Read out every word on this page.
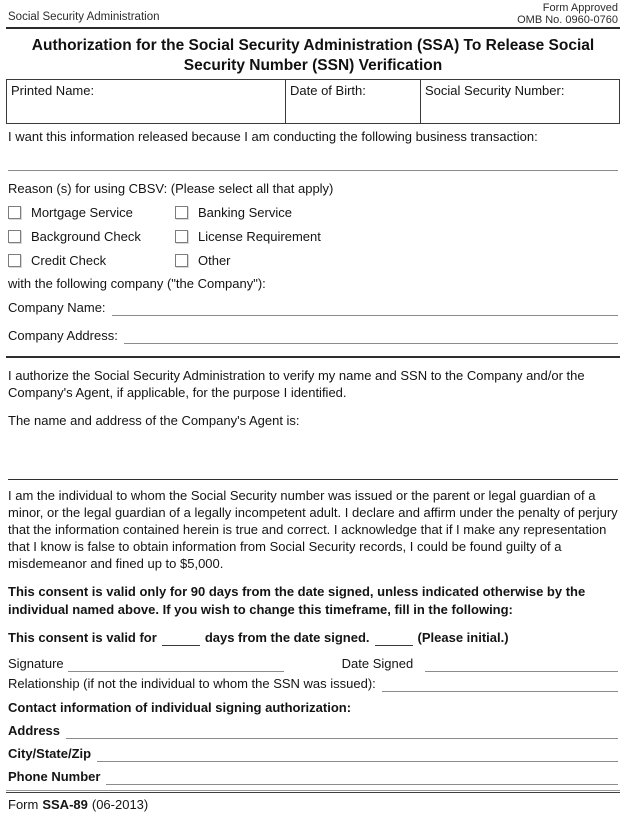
Social Security Administration
Form Approved
OMB No. 0960-0760
Authorization for the Social Security Administration (SSA) To Release Social
Security Number (SSN) Verification
Printed Name:	Date of Birth:	Social Security Number:
I want this information released because I am conducting the following business transaction:
Reason (s) for using CBSV: (Please select all that apply)
Mortgage Service	Banking Service
Background Check	License Requirement
Credit Check	Other
with the following company ("the Company"):
Company Name:
Company Address:
I authorize the Social Security Administration to verify my name and SSN to the Company and/or the Company's Agent, if applicable, for the purpose I identified.
The name and address of the Company's Agent is:
I am the individual to whom the Social Security number was issued or the parent or legal guardian of a minor, or the legal guardian of a legally incompetent adult. I declare and affirm under the penalty of perjury that the information contained herein is true and correct. I acknowledge that if I make any representation that I know is false to obtain information from Social Security records, I could be found guilty of a misdemeanor and fined up to $5,000.
This consent is valid only for 90 days from the date signed, unless indicated otherwise by the individual named above. If you wish to change this timeframe, fill in the following:
This consent is valid for	days from the date signed.	(Please initial.)
Signature	Date Signed
Relationship (if not the individual to whom the SSN was issued):
Contact information of individual signing authorization:
Address
City/State/Zip
Phone Number
Form SSA-89 (06-2013)
